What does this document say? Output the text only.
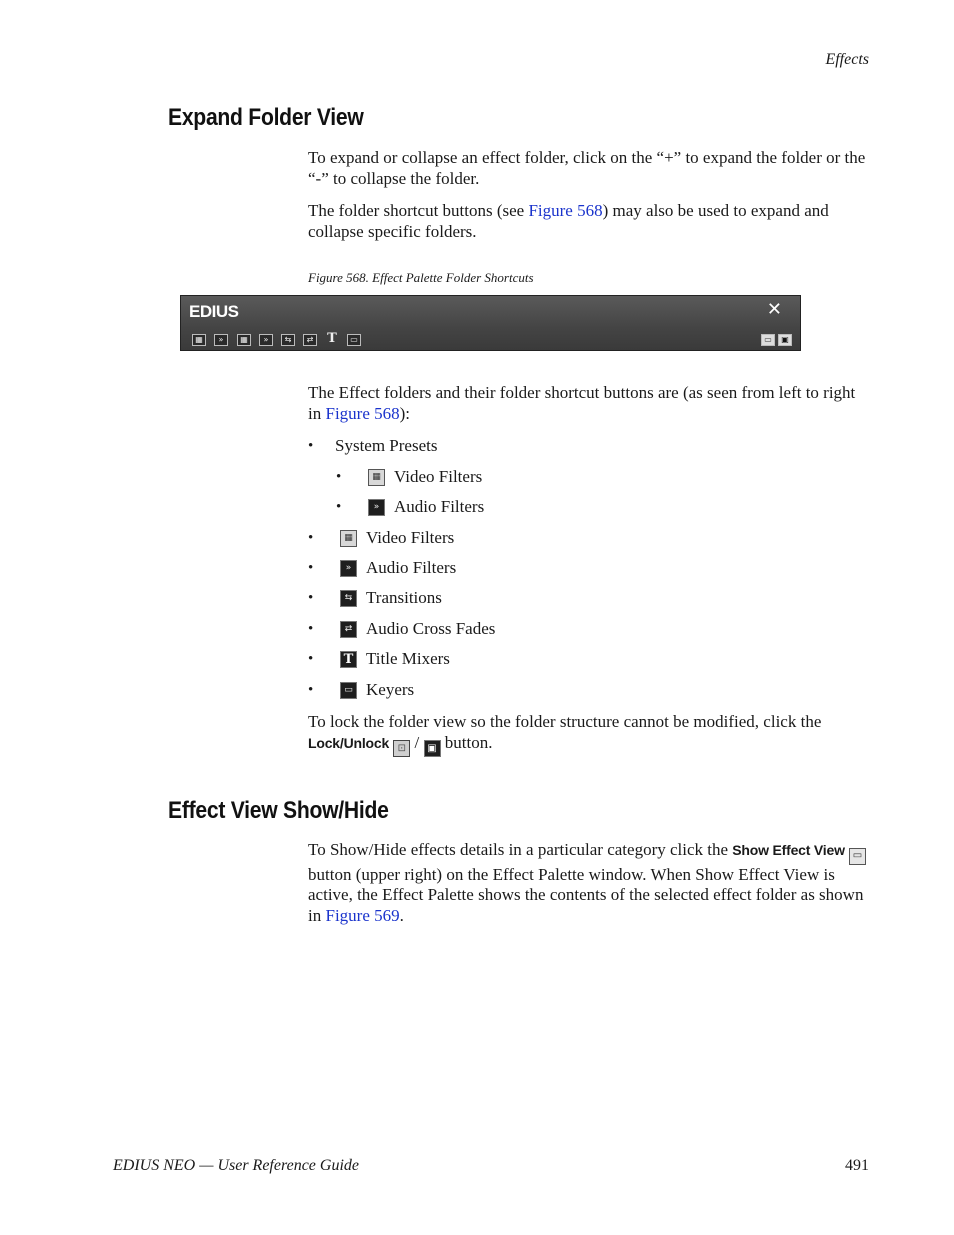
Effects
Expand Folder View

To expand or collapse an effect folder, click on the “+” to expand the folder or the “-” to collapse the folder.

The folder shortcut buttons (see Figure 568) may also be used to expand and collapse specific folders.

Figure 568. Effect Palette Folder Shortcuts
EDIUS	✕
▦	»	▦	»	⇆	⇄ T	▭	▭	▣

The Effect folders and their folder shortcut buttons are (as seen from left to right in Figure 568):

•	System Presets
•	▦ Video Filters
•	» Audio Filters
•	▦ Video Filters
•	» Audio Filters
•	⇆ Transitions
•	⇄ Audio Cross Fades
•	T Title Mixers
•	▭ Keyers

To lock the folder view so the folder structure cannot be modified, click the
Lock/Unlock ⊡ / ▣ button.

Effect View Show/Hide

To Show/Hide effects details in a particular category click the Show Effect View ▭ button (upper right) on the Effect Palette window. When Show Effect View is active, the Effect Palette shows the contents of the selected effect folder as shown in Figure 569.

EDIUS NEO — User Reference Guide	491
